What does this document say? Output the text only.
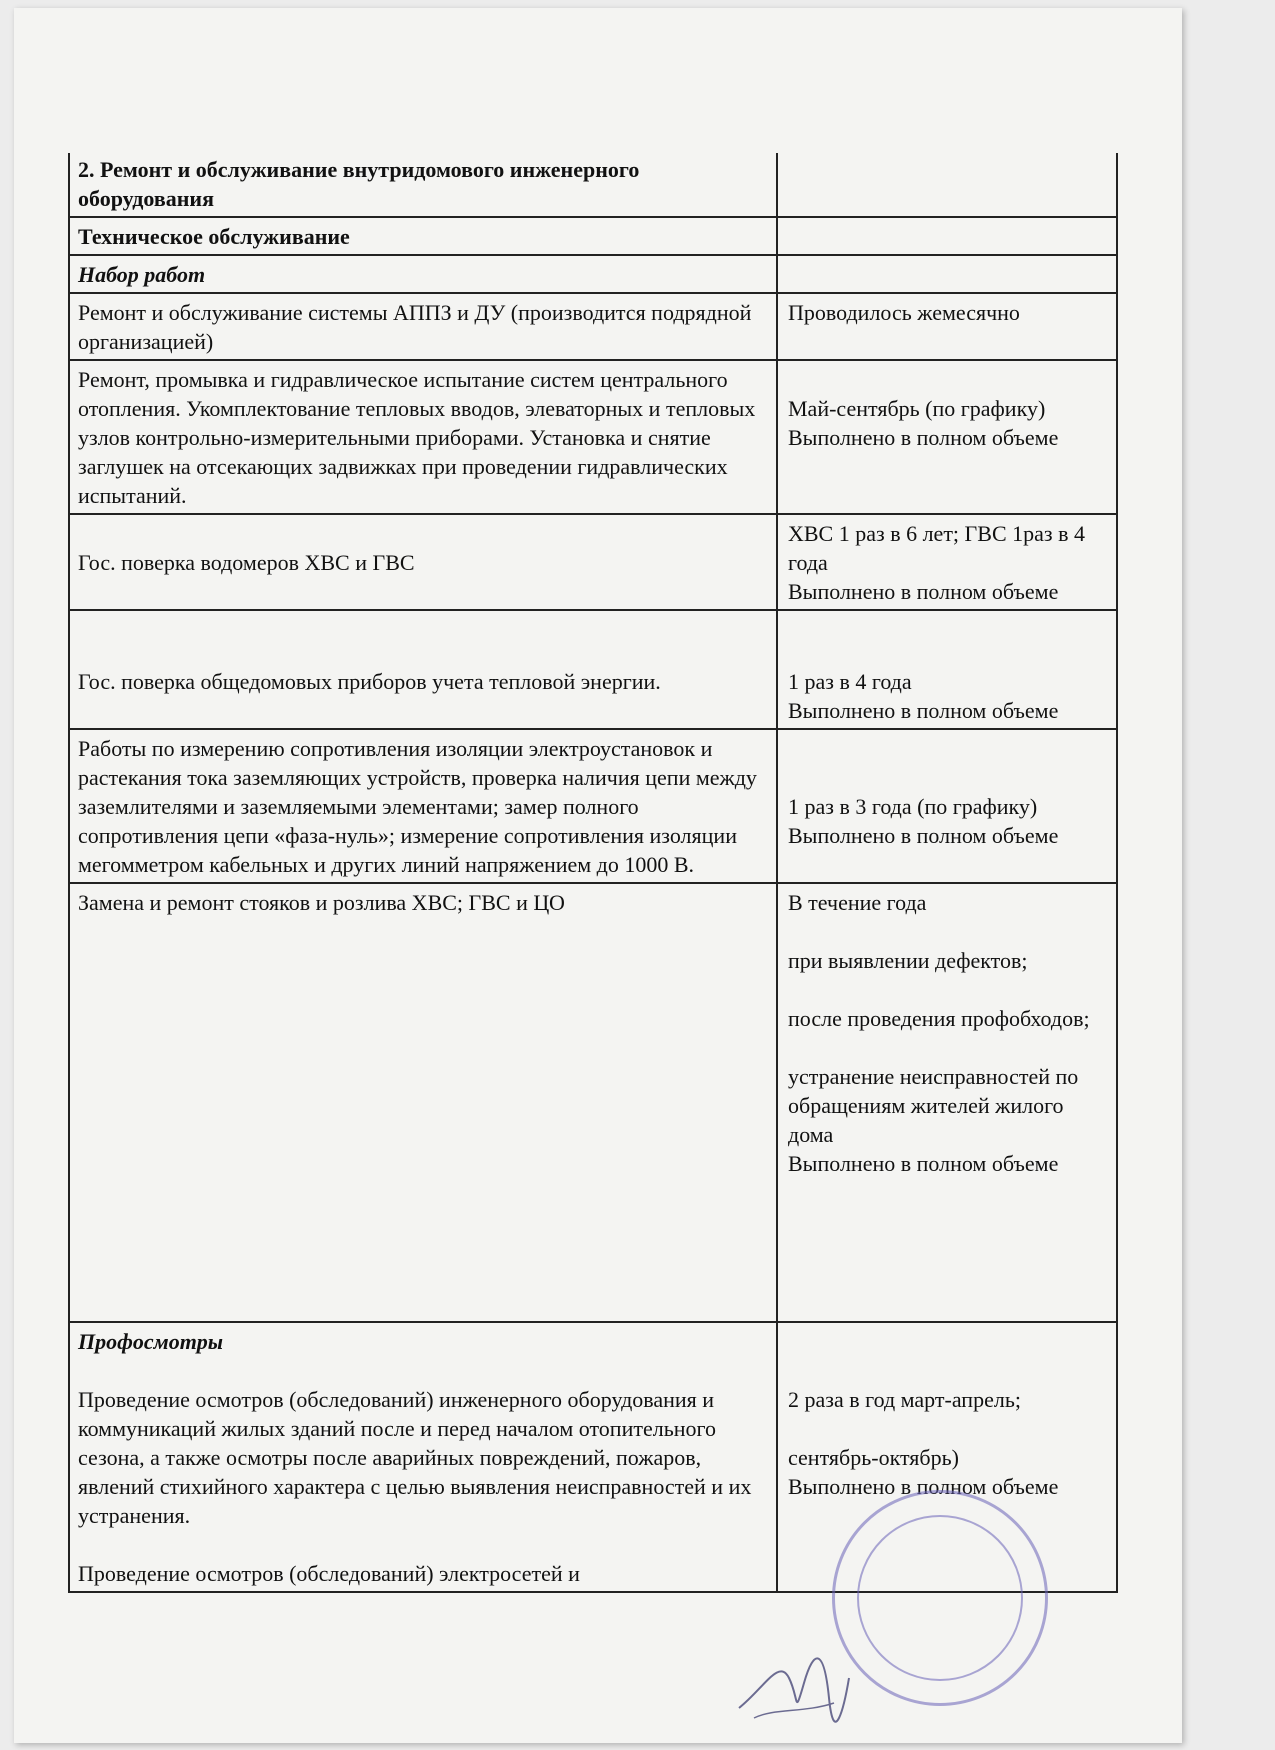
2. Ремонт и обслуживание внутридомового инженерного оборудования
Техническое обслуживание
Набор работ
Ремонт и обслуживание системы АППЗ и ДУ (производится подрядной организацией)
Проводилось жемесячно
Ремонт, промывка и гидравлическое испытание систем центрального отопления. Укомплектование тепловых вводов, элеваторных и тепловых узлов контрольно-измерительными приборами. Установка и снятие заглушек на отсекающих задвижках при проведении гидравлических испытаний.
Май-сентябрь (по графику)
Выполнено в полном объеме
Гос. поверка водомеров ХВС и ГВС
ХВС 1 раз в 6 лет; ГВС 1раз в 4 года
Выполнено в полном объеме
Гос. поверка общедомовых приборов учета тепловой энергии.	1 раз в 4 года
Выполнено в полном объеме
Работы по измерению сопротивления изоляции электроустановок и растекания тока заземляющих устройств, проверка наличия цепи между заземлителями и заземляемыми элементами; замер полного сопротивления цепи «фаза-нуль»; измерение сопротивления изоляции мегомметром кабельных и других линий напряжением до 1000 В.
1 раз в 3 года (по графику)
Выполнено в полном объеме
Замена и ремонт стояков и розлива ХВС; ГВС и ЦО	В течение года
при выявлении дефектов;
после проведения профобходов;
устранение неисправностей по обращениям жителей жилого дома
Выполнено в полном объеме
Профосмотры
Проведение осмотров (обследований) инженерного оборудования и коммуникаций жилых зданий после и перед началом отопительного сезона, а также осмотры после аварийных повреждений, пожаров, явлений стихийного характера с целью выявления неисправностей и их устранения.
Проведение осмотров (обследований) электросетей и
2 раза в год март-апрель;
сентябрь-октябрь)
Выполнено в полном объеме
